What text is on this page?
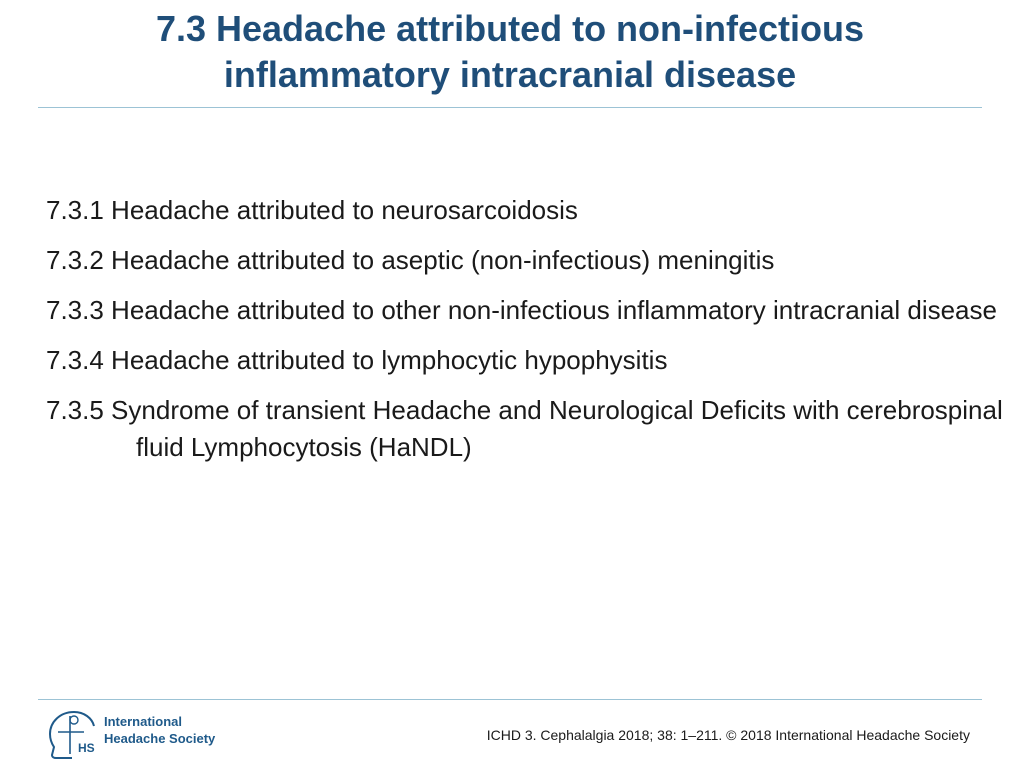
7.3 Headache attributed to non-infectious
inflammatory intracranial disease
7.3.1 Headache attributed to neurosarcoidosis
7.3.2 Headache attributed to aseptic (non-infectious) meningitis
7.3.3 Headache attributed to other non-infectious inflammatory intracranial disease
7.3.4 Headache attributed to lymphocytic hypophysitis
7.3.5 Syndrome of transient Headache and Neurological Deficits with cerebrospinal fluid Lymphocytosis (HaNDL)
HS
International
Headache Society	ICHD 3. Cephalalgia 2018; 38: 1–211. © 2018 International Headache Society
